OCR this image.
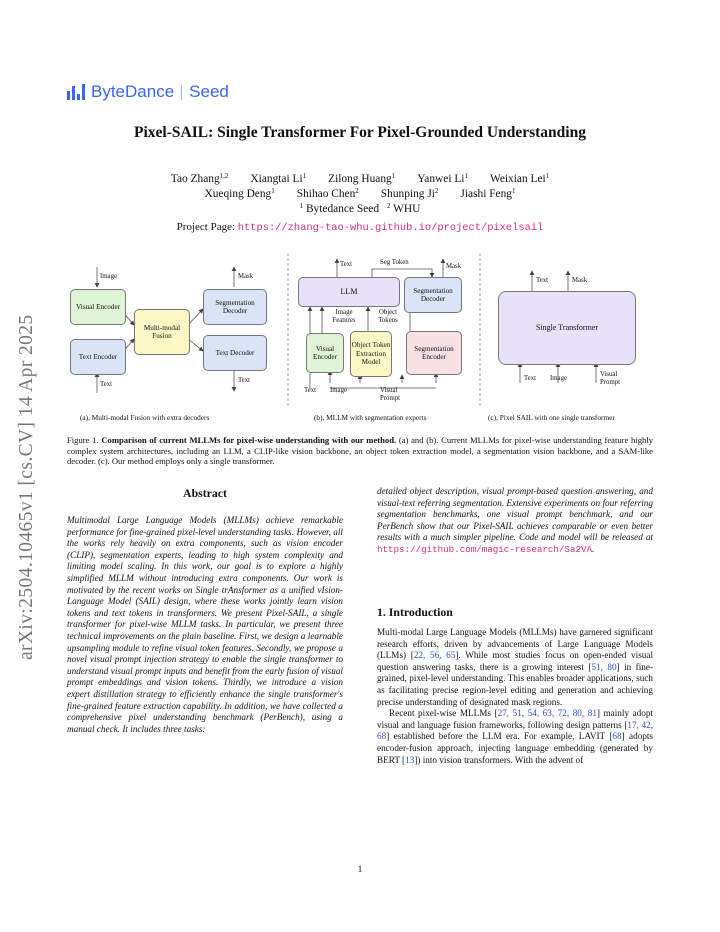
ByteDance Seed
arXiv:2504.10465v1 [cs.CV] 14 Apr 2025
Pixel-SAIL: Single Transformer For Pixel-Grounded Understanding
Tao Zhang$^{1,2}$ Xiangtai Li$^1$ Zilong Huang$^1$ Yanwei Li$^1$ Weixian Lei$^1$
Xueqing Deng$^1$ Shihao Chen$^2$ Shunping Ji$^2$ Jiashi Feng$^1$
$^1$ Bytedance Seed $^2$ WHU
Project Page: https://zhang-tao-whu.github.io/project/pixelsail
Image
Visual Encoder
Text Encoder
Text
Multi-modal Fusion
Mask
Segmentation Decoder
Text Decoder
Text
(a), Multi-modal Fusion with extra decoders
Text	Seg Token
Mask
LLM	Segmentation Decoder
Image Features
Object Tokens
Visual Encoder
Object Token Extraction Model
Segmentation Encoder
Text Image	Visual Prompt
(b), MLLM with segmentation experts
Text	Mask
Single Transformer
Text Image
Visual Prompt
(c), Pixel SAIL with one single transformer
Figure 1. Comparison of current MLLMs for pixel-wise understanding with our method. (a) and (b). Current MLLMs for pixel-wise understanding feature highly complex system architectures, including an LLM, a CLIP-like vision backbone, an object token extraction model, a segmentation vision backbone, and a SAM-like decoder. (c). Our method employs only a single transformer.
Abstract

Multimodal Large Language Models (MLLMs) achieve remarkable performance for fine-grained pixel-level understanding tasks. However, all the works rely heavily on extra components, such as vision encoder (CLIP), segmentation experts, leading to high system complexity and limiting model scaling. In this work, our goal is to explore a highly simplified MLLM without introducing extra components. Our work is motivated by the recent works on Single trAnsformer as a unified vIsion-Language Model (SAIL) design, where these works jointly learn vision tokens and text tokens in transformers. We present Pixel-SAIL, a single transformer for pixel-wise MLLM tasks. In particular, we present three technical improvements on the plain baseline. First, we design a learnable upsampling module to refine visual token features. Secondly, we propose a novel visual prompt injection strategy to enable the single transformer to understand visual prompt inputs and benefit from the early fusion of visual prompt embeddings and vision tokens. Thirdly, we introduce a vision expert distillation strategy to efficiently enhance the single transformer's fine-grained feature extraction capability. In addition, we have collected a comprehensive pixel understanding benchmark (PerBench), using a manual check. It includes three tasks:

detailed object description, visual prompt-based question answering, and visual-text referring segmentation. Extensive experiments on four referring segmentation benchmarks, one visual prompt benchmark, and our PerBench show that our Pixel-SAIL achieves comparable or even better results with a much simpler pipeline. Code and model will be released at https://github.com/magic-research/Sa2VA.

1. Introduction

Multi-modal Large Language Models (MLLMs) have garnered significant research efforts, driven by advancements of Large Language Models (LLMs) [22, 56, 65]. While most studies focus on open-ended visual question answering tasks, there is a growing interest [51, 80] in fine-grained, pixel-level understanding. This enables broader applications, such as facilitating precise region-level editing and generation and achieving precise understanding of designated mask regions.

Recent pixel-wise MLLMs [27, 51, 54, 63, 72, 80, 81] mainly adopt visual and language fusion frameworks, following design patterns [17, 42, 68] established before the LLM era. For example, LAVIT [68] adopts encoder-fusion approach, injecting language embedding (generated by BERT [13]) into vision transformers. With the advent of

1
